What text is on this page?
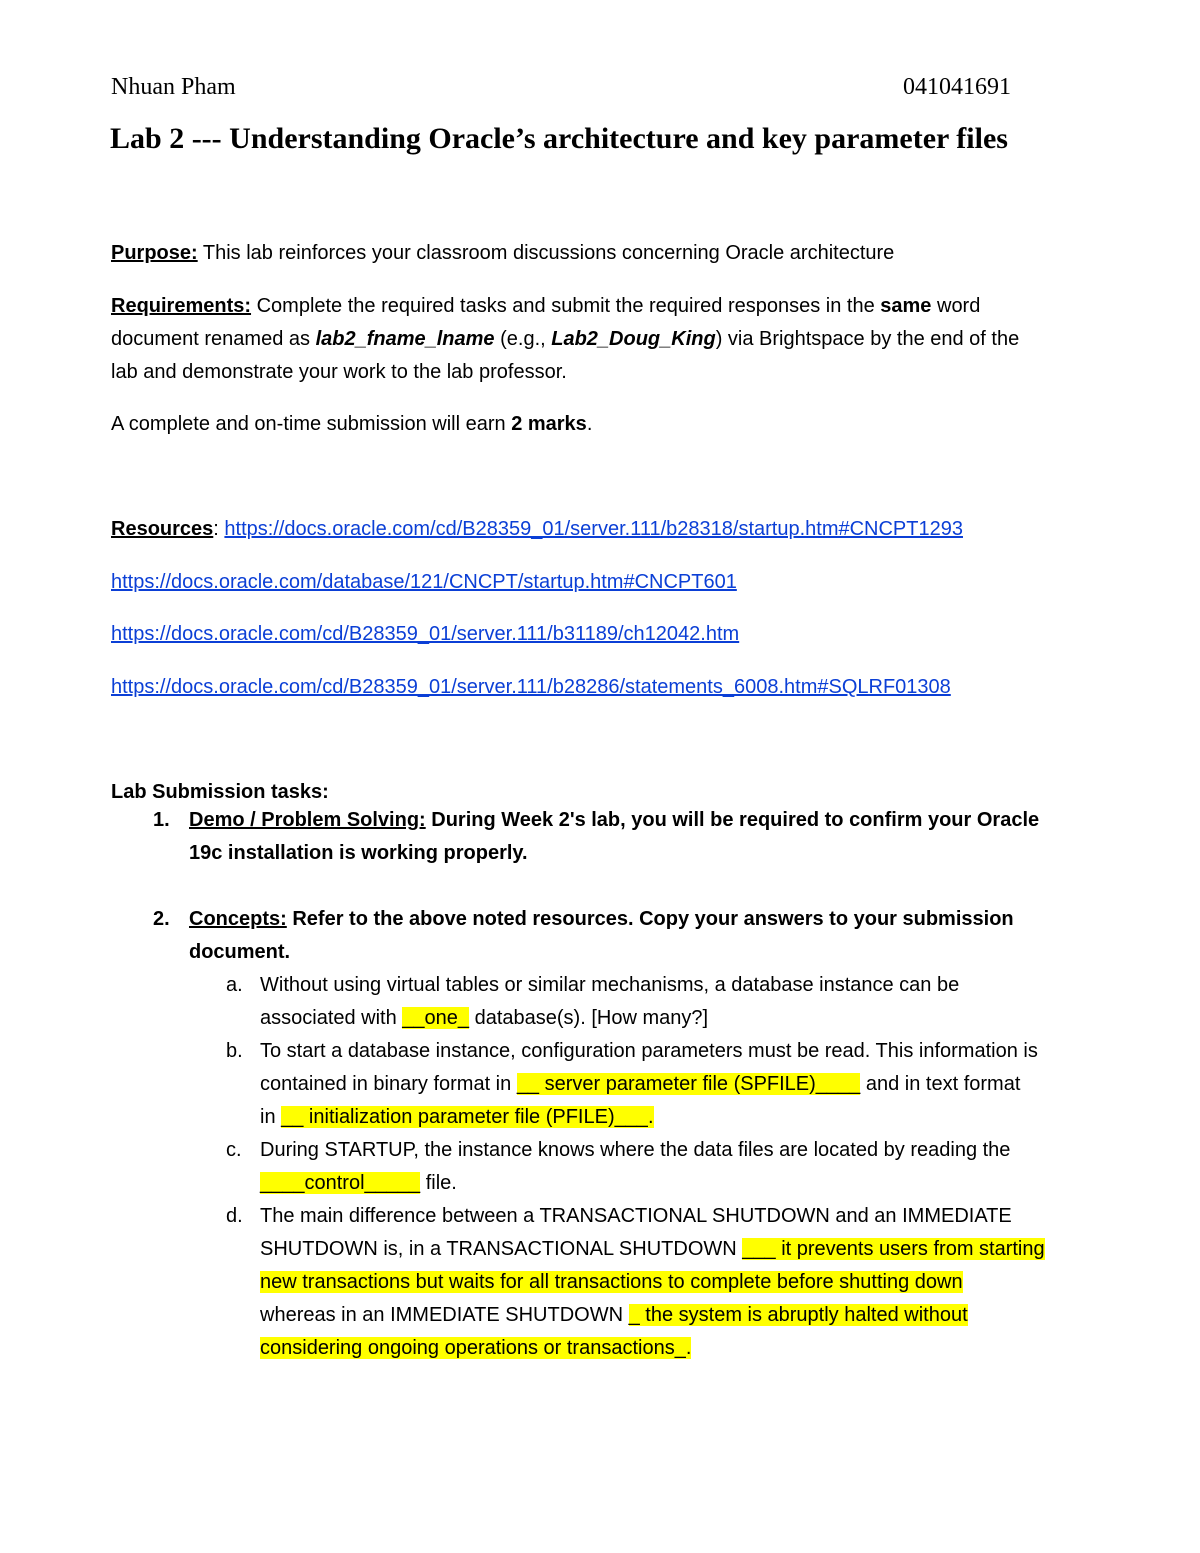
Nhuan Pham	041041691
Lab 2 --- Understanding Oracle’s architecture and key parameter files
Purpose: This lab reinforces your classroom discussions concerning Oracle architecture
Requirements: Complete the required tasks and submit the required responses in the same word
document renamed as lab2_fname_lname (e.g., Lab2_Doug_King) via Brightspace by the end of the
lab and demonstrate your work to the lab professor.
A complete and on-time submission will earn 2 marks.
Resources: https://docs.oracle.com/cd/B28359_01/server.111/b28318/startup.htm#CNCPT1293
https://docs.oracle.com/database/121/CNCPT/startup.htm#CNCPT601
https://docs.oracle.com/cd/B28359_01/server.111/b31189/ch12042.htm
https://docs.oracle.com/cd/B28359_01/server.111/b28286/statements_6008.htm#SQLRF01308
Lab Submission tasks:
1. Demo / Problem Solving: During Week 2's lab, you will be required to confirm your Oracle
19c installation is working properly.
2. Concepts: Refer to the above noted resources. Copy your answers to your submission
document.
a. Without using virtual tables or similar mechanisms, a database instance can be
associated with __one_ database(s). [How many?]
b. To start a database instance, configuration parameters must be read. This information is
contained in binary format in __ server parameter file (SPFILE)____ and in text format
in __ initialization parameter file (PFILE)___.
c. During STARTUP, the instance knows where the data files are located by reading the
____control_____ file.
d. The main difference between a TRANSACTIONAL SHUTDOWN and an IMMEDIATE
SHUTDOWN is, in a TRANSACTIONAL SHUTDOWN ___ it prevents users from starting
new transactions but waits for all transactions to complete before shutting down
whereas in an IMMEDIATE SHUTDOWN _ the system is abruptly halted without
considering ongoing operations or transactions_.
